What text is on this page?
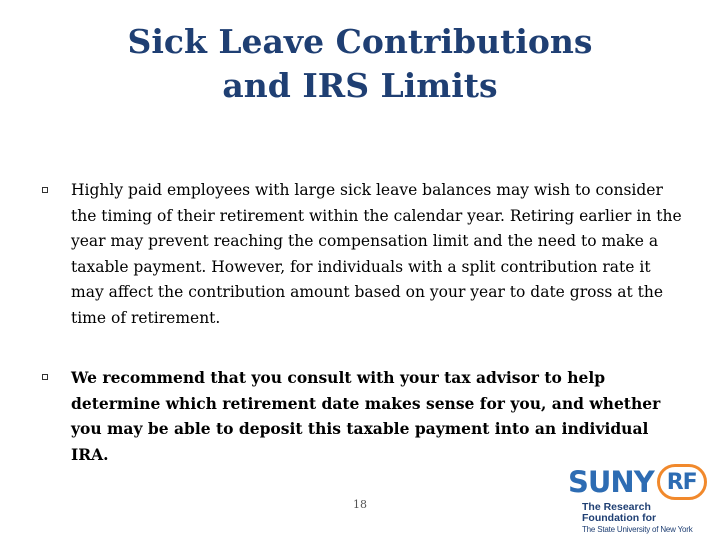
Sick Leave Contributions
and IRS Limits
Highly paid employees with large sick leave balances may wish to consider the timing of their retirement within the calendar year. Retiring earlier in the year may prevent reaching the compensation limit and the need to make a taxable payment. However, for individuals with a split contribution rate it may affect the contribution amount based on your year to date gross at the time of retirement.
We recommend that you consult with your tax advisor to help determine which retirement date makes sense for you, and whether you may be able to deposit this taxable payment into an individual IRA.
18
SUNY RF
The Research
Foundation for
The State University of New York
